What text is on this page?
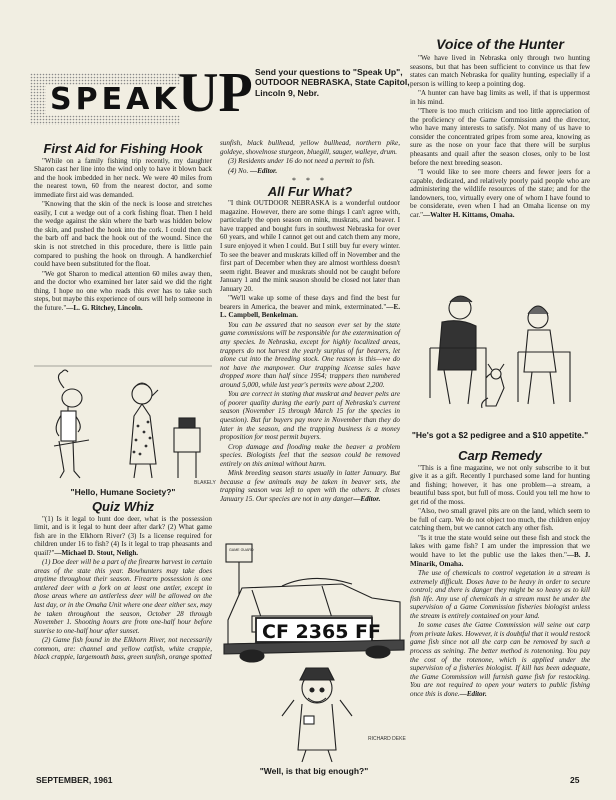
SPEAK
UP Send your questions to "Speak Up", OUTDOOR NEBRASKA, State Capitol, Lincoln 9, Nebr.
Voice of the Hunter
First Aid for Fishing Hook

"While on a family fishing trip recently, my daughter Sharon cast her line into the wind only to have it blown back and the hook imbedded in her neck. We were 40 miles from the nearest town, 60 from the nearest doctor, and some immediate first aid was demanded.

"Knowing that the skin of the neck is loose and stretches easily, I cut a wedge out of a cork fishing float. Then I held the wedge against the skin where the barb was hidden below the skin, and pushed the hook into the cork. I could then cut the barb off and back the hook out of the wound. Since the skin is not stretched in this procedure, there is little pain compared to pushing the hook on through. A handkerchief could have been substituted for the float.

"We got Sharon to medical attention 60 miles away then, and the doctor who examined her later said we did the right thing. I hope no one who reads this ever has to take such steps, but maybe this experience of ours will help someone in the future."—L. G. Ritchey, Lincoln.

BLAKELY
"Hello, Humane Society?"
Quiz Whiz

"(1) Is it legal to hunt doe deer, what is the possession limit, and is it legal to hunt deer after dark? (2) What game fish are in the Elkhorn River? (3) Is a license required for children under 16 to fish? (4) Is it legal to trap pheasants and quail?"—Michael D. Stout, Neligh.

(1) Doe deer will be a part of the firearm harvest in certain areas of the state this year. Bowhunters may take does anytime throughout their season. Firearm possession is one antlered deer with a fork on at least one antler, except in those areas where an antlerless deer will be allowed on the last day, or in the Omaha Unit where one deer either sex, may be taken throughout the season, October 28 through November 1. Shooting hours are from one-half hour before sunrise to one-half hour after sunset.

(2) Game fish found in the Elkhorn River, not necessarily common, are: channel and yellow catfish, white crappie, black crappie, largemouth bass, green sunfish, orange spotted

sunfish, black bullhead, yellow bullhead, northern pike, goldeye, shovelnose sturgeon, bluegill, sauger, walleye, drum.

(3) Residents under 16 do not need a permit to fish.

(4) No. —Editor.

* * *
All Fur What?

"I think OUTDOOR NEBRASKA is a wonderful outdoor magazine. However, there are some things I can't agree with, particularly the open season on mink, muskrats, and beaver. I have trapped and bought furs in southwest Nebraska for over 60 years, and while I cannot get out and catch them any more, I sure enjoyed it when I could. But I still buy fur every winter. To see the beaver and muskrats killed off in November and the first part of December when they are almost worthless doesn't seem right. Beaver and muskrats should not be caught before January 1 and the mink season should be closed not later than January 20.

"We'll wake up some of these days and find the best fur bearers in America, the beaver and mink, exterminated."—E. L. Campbell, Benkelman.

You can be assured that no season ever set by the state game commissions will be responsible for the extermination of any species. In Nebraska, except for highly localized areas, trappers do not harvest the yearly surplus of fur bearers, let alone cut into the breeding stock. One reason is this—we do not have the manpower. Our trapping license sales have dropped more than half since 1954; trappers then numbered around 5,000, while last year's permits were about 2,200.

You are correct in stating that muskrat and beaver pelts are of poorer quality during the early part of Nebraska's current season (November 15 through March 15 for the species in question). But fur buyers pay more in November than they do later in the season, and the trapping business is a money proposition for most permit buyers.

Crop damage and flooding make the beaver a problem species. Biologists feel that the season could be removed entirely on this animal without harm.

Mink breeding season starts usually in latter January. But because a few animals may be taken in beaver sets, the trapping season was left to open with the others. It closes January 15. Our species are not in any danger—Editor.

GAME GUARD
CF 2365 FF
RICHARD DEKE
"Well, is that big enough?"

"We have lived in Nebraska only through two hunting seasons, but that has been sufficient to convince us that few states can match Nebraska for quality hunting, especially if a person is willing to keep a pointing dog.

"A hunter can have bag limits as well, if that is uppermost in his mind.

"There is too much criticism and too little appreciation of the proficiency of the Game Commission and the director, who have many interests to satisfy. Not many of us have to consider the concentrated gripes from some area, knowing as sure as the nose on your face that there will be surplus pheasants and quail after the season closes, only to be lost before the next breeding season.

"I would like to see more cheers and fewer jeers for a capable, dedicated, and relatively poorly paid people who are administering the wildlife resources of the state; and for the landowners, too, virtually every one of whom I have found to be considerate, even when I had an Omaha license on my car."—Walter H. Kittams, Omaha.

"He's got a $2 pedigree and a $10 appetite."
Carp Remedy

"This is a fine magazine, we not only subscribe to it but give it as a gift. Recently I purchased some land for hunting and fishing; however, it has one problem—a stream, a beautiful bass spot, but full of moss. Could you tell me how to get rid of the moss.

"Also, two small gravel pits are on the land, which seem to be full of carp. We do not object too much, the children enjoy catching them, but we cannot catch any other fish.

"Is it true the state would seine out these fish and stock the lakes with game fish? I am under the impression that we would have to let the public use the lakes then."—B. J. Minarik, Omaha.

The use of chemicals to control vegetation in a stream is extremely difficult. Doses have to be heavy in order to secure control; and there is danger they might be so heavy as to kill fish life. Any use of chemicals in a stream must be under the supervision of a Game Commission fisheries biologist unless the stream is entirely contained on your land.

In some cases the Game Commission will seine out carp from private lakes. However, it is doubtful that it would restock game fish since not all the carp can be removed by such a process as seining. The better method is rotenoning. You pay the cost of the rotenone, which is applied under the supervision of a fisheries biologist. If kill has been adequate, the Game Commission will furnish game fish for restocking. You are not required to open your waters to public fishing once this is done.—Editor.

SEPTEMBER, 1961	25
